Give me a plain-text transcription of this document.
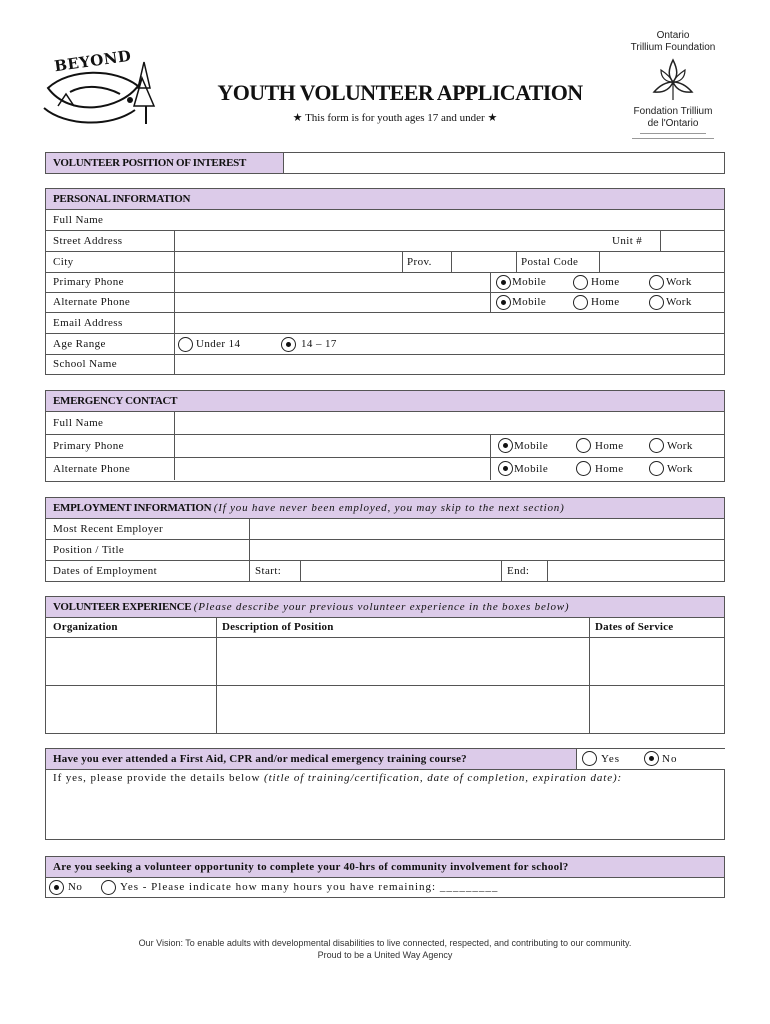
BEYOND
Ontario
Trillium Foundation
Fondation Trillium
de l'Ontario
YOUTH VOLUNTEER APPLICATION
★ This form is for youth ages 17 and under ★
VOLUNTEER POSITION OF INTEREST
PERSONAL INFORMATION
Full Name
Street Address	Unit #
City	Prov.	Postal Code
Primary Phone	Mobile	Home	Work
Alternate Phone	Mobile	Home	Work
Email Address
Age Range	Under 14	14 – 17
School Name
EMERGENCY CONTACT
Full Name
Primary Phone	Mobile	Home	Work
Alternate Phone	Mobile	Home	Work
EMPLOYMENT INFORMATION (If you have never been employed, you may skip to the next section)
Most Recent Employer
Position / Title
Dates of Employment	Start:	End:
VOLUNTEER EXPERIENCE (Please describe your previous volunteer experience in the boxes below)
Organization	Description of Position	Dates of Service
Have you ever attended a First Aid, CPR and/or medical emergency training course?	Yes	No
If yes, please provide the details below (title of training/certification, date of completion, expiration date):
Are you seeking a volunteer opportunity to complete your 40-hrs of community involvement for school?
No	Yes - Please indicate how many hours you have remaining: _________
Our Vision: To enable adults with developmental disabilities to live connected, respected, and contributing to our community.
Proud to be a United Way Agency
